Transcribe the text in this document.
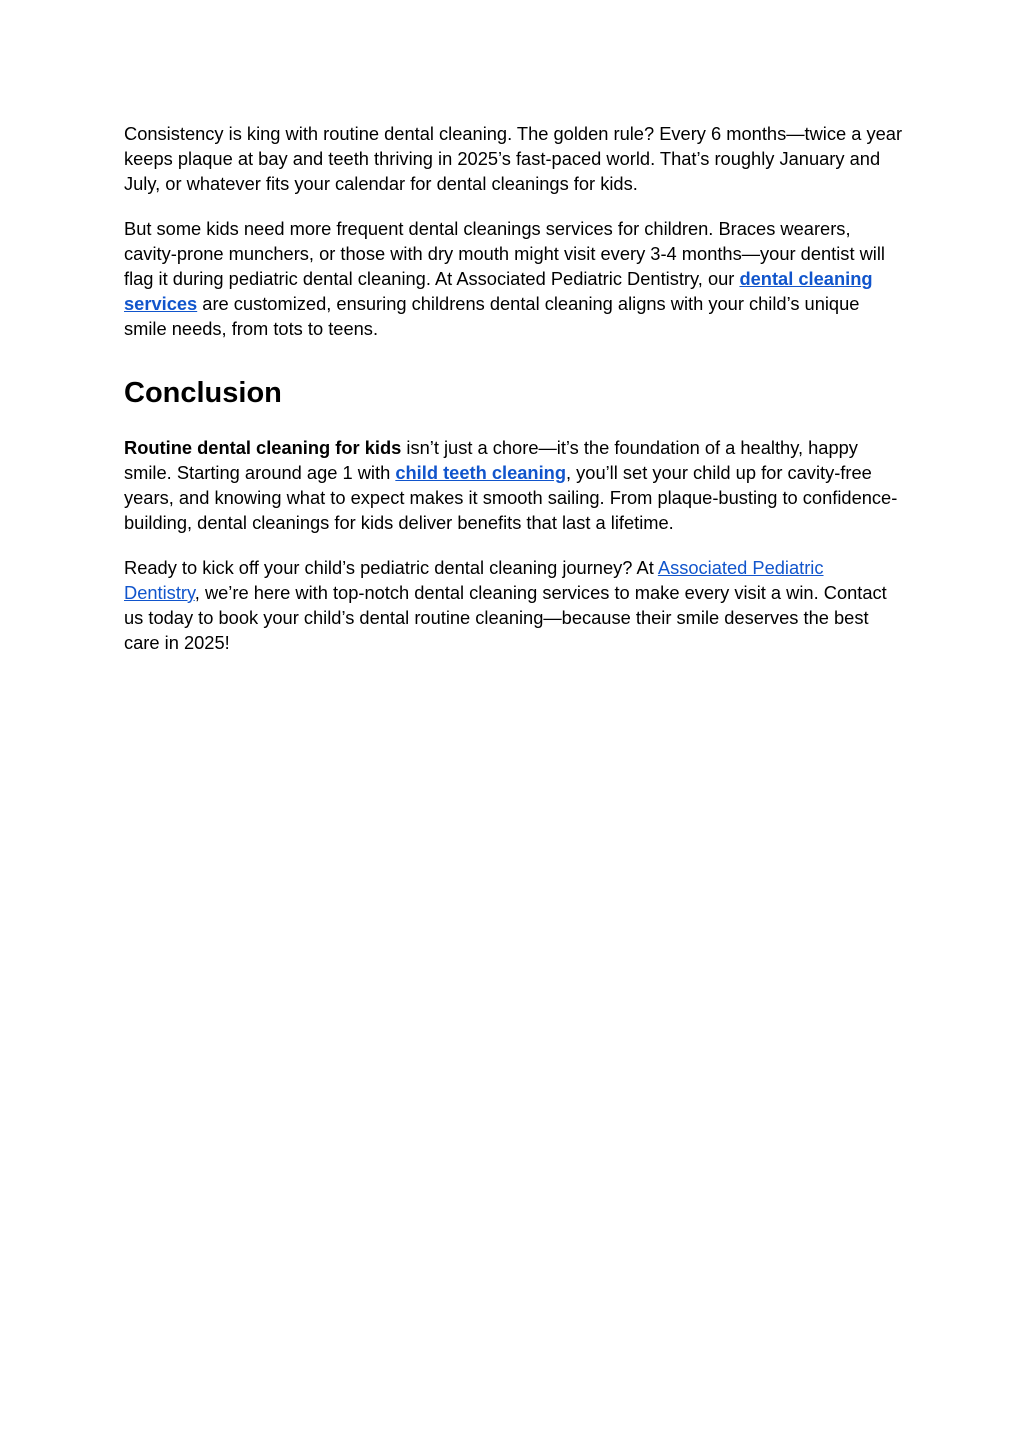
Consistency is king with routine dental cleaning. The golden rule? Every 6 months—twice a year keeps plaque at bay and teeth thriving in 2025’s fast-paced world. That’s roughly January and July, or whatever fits your calendar for dental cleanings for kids.

But some kids need more frequent dental cleanings services for children. Braces wearers, cavity-prone munchers, or those with dry mouth might visit every 3-4 months—your dentist will flag it during pediatric dental cleaning. At Associated Pediatric Dentistry, our dental cleaning services are customized, ensuring childrens dental cleaning aligns with your child’s unique smile needs, from tots to teens.

Conclusion

Routine dental cleaning for kids isn’t just a chore—it’s the foundation of a healthy, happy smile. Starting around age 1 with child teeth cleaning, you’ll set your child up for cavity-free years, and knowing what to expect makes it smooth sailing. From plaque-busting to confidence-building, dental cleanings for kids deliver benefits that last a lifetime.

Ready to kick off your child’s pediatric dental cleaning journey? At Associated Pediatric Dentistry, we’re here with top-notch dental cleaning services to make every visit a win. Contact us today to book your child’s dental routine cleaning—because their smile deserves the best care in 2025!
